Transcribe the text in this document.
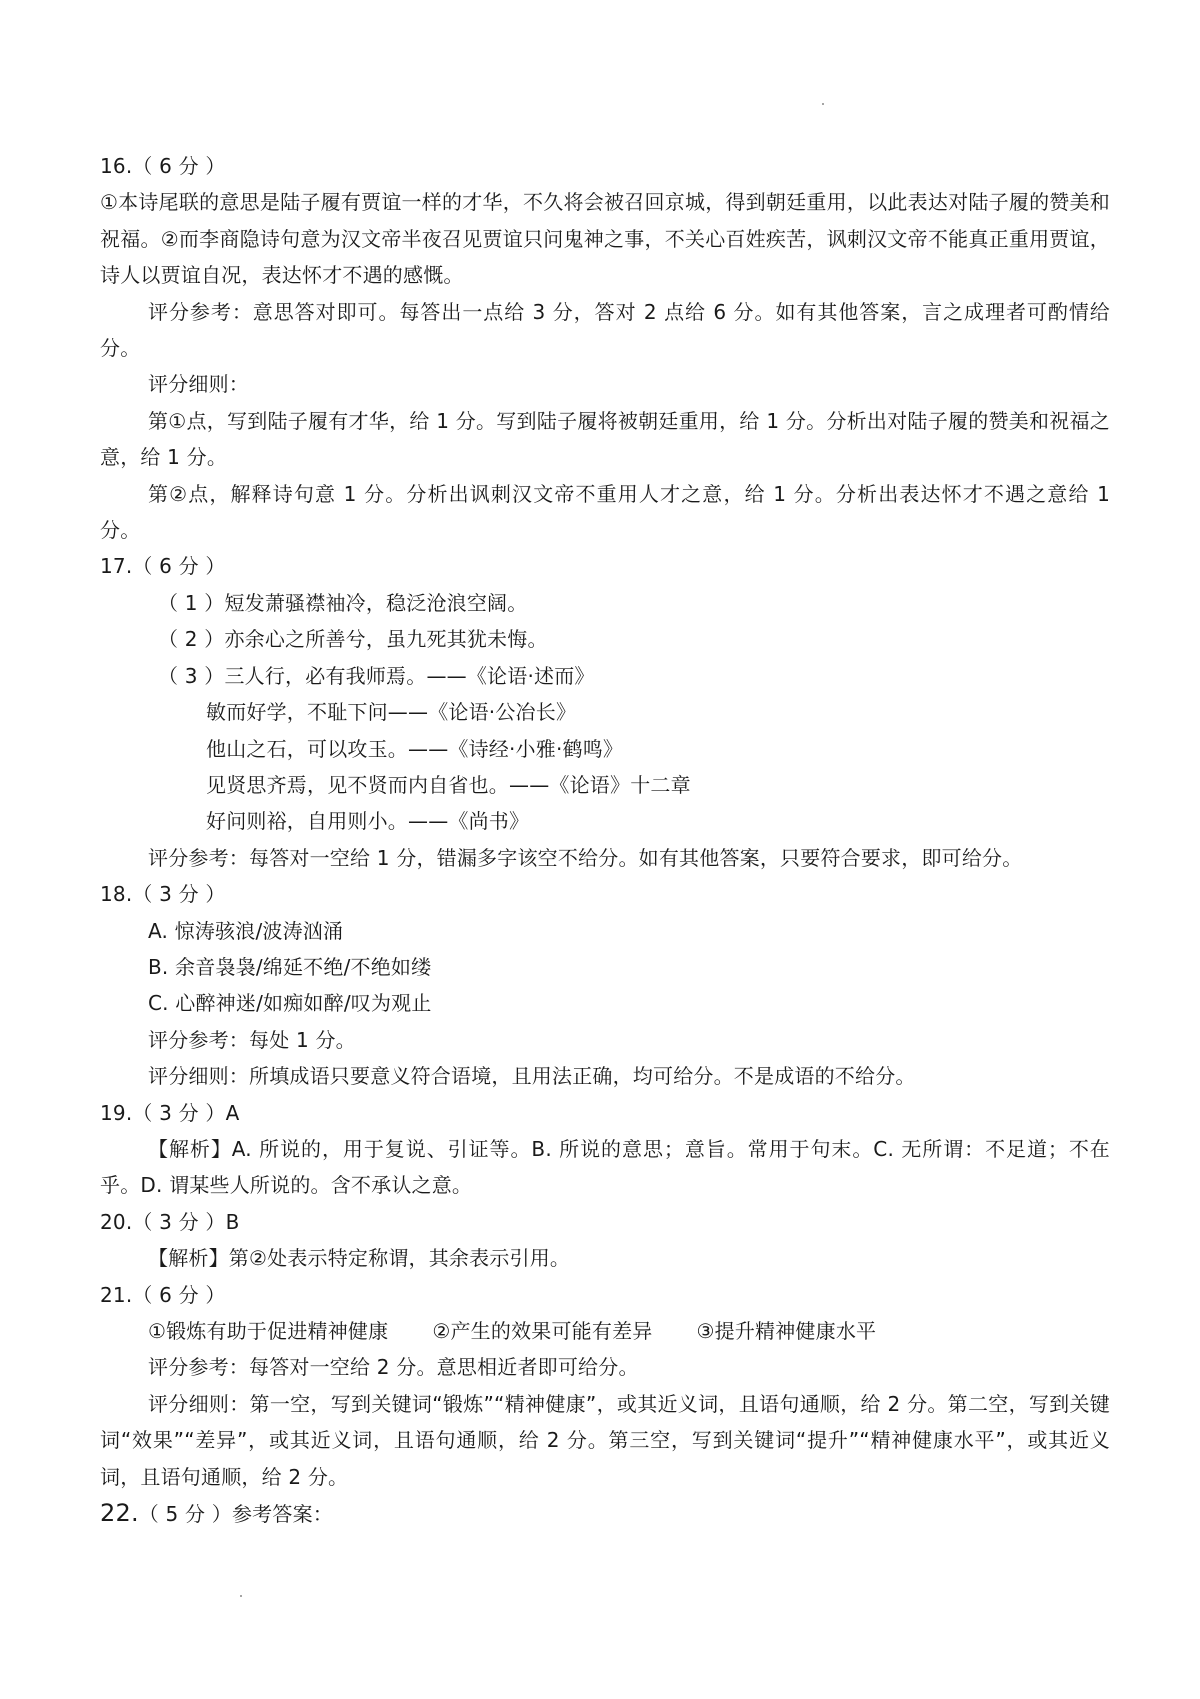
16.（ 6 分 ）
①本诗尾联的意思是陆子履有贾谊一样的才华，不久将会被召回京城，得到朝廷重用，以此表达对陆子履的赞美和祝福。②而李商隐诗句意为汉文帝半夜召见贾谊只问鬼神之事，不关心百姓疾苦，讽刺汉文帝不能真正重用贾谊，诗人以贾谊自况，表达怀才不遇的感慨。
评分参考：意思答对即可。每答出一点给 3 分，答对 2 点给 6 分。如有其他答案，言之成理者可酌情给分。
评分细则：
第①点，写到陆子履有才华，给 1 分。写到陆子履将被朝廷重用，给 1 分。分析出对陆子履的赞美和祝福之意，给 1 分。
第②点，解释诗句意 1 分。分析出讽刺汉文帝不重用人才之意，给 1 分。分析出表达怀才不遇之意给 1 分。
17.（ 6 分 ）
（ 1 ）短发萧骚襟袖冷，稳泛沧浪空阔。
（ 2 ）亦余心之所善兮，虽九死其犹未悔。
（ 3 ）三人行，必有我师焉。——《论语·述而》
敏而好学，不耻下问——《论语·公冶长》
他山之石，可以攻玉。——《诗经·小雅·鹤鸣》
见贤思齐焉，见不贤而内自省也。——《论语》十二章
好问则裕，自用则小。——《尚书》
评分参考：每答对一空给 1 分，错漏多字该空不给分。如有其他答案，只要符合要求，即可给分。
18.（ 3 分 ）
A. 惊涛骇浪/波涛汹涌
B. 余音袅袅/绵延不绝/不绝如缕
C. 心醉神迷/如痴如醉/叹为观止
评分参考：每处 1 分。
评分细则：所填成语只要意义符合语境，且用法正确，均可给分。不是成语的不给分。
19.（ 3 分 ）A
【解析】A. 所说的，用于复说、引证等。B. 所说的意思；意旨。常用于句末。C. 无所谓：不足道；不在乎。D. 谓某些人所说的。含不承认之意。
20.（ 3 分 ）B
【解析】第②处表示特定称谓，其余表示引用。
21.（ 6 分 ）
①锻炼有助于促进精神健康 ②产生的效果可能有差异 ③提升精神健康水平
评分参考：每答对一空给 2 分。意思相近者即可给分。
评分细则：第一空，写到关键词“锻炼”“精神健康”，或其近义词，且语句通顺，给 2 分。第二空，写到关键词“效果”“差异”，或其近义词，且语句通顺，给 2 分。第三空，写到关键词“提升”“精神健康水平”，或其近义词，且语句通顺，给 2 分。
22.（ 5 分 ）参考答案：
